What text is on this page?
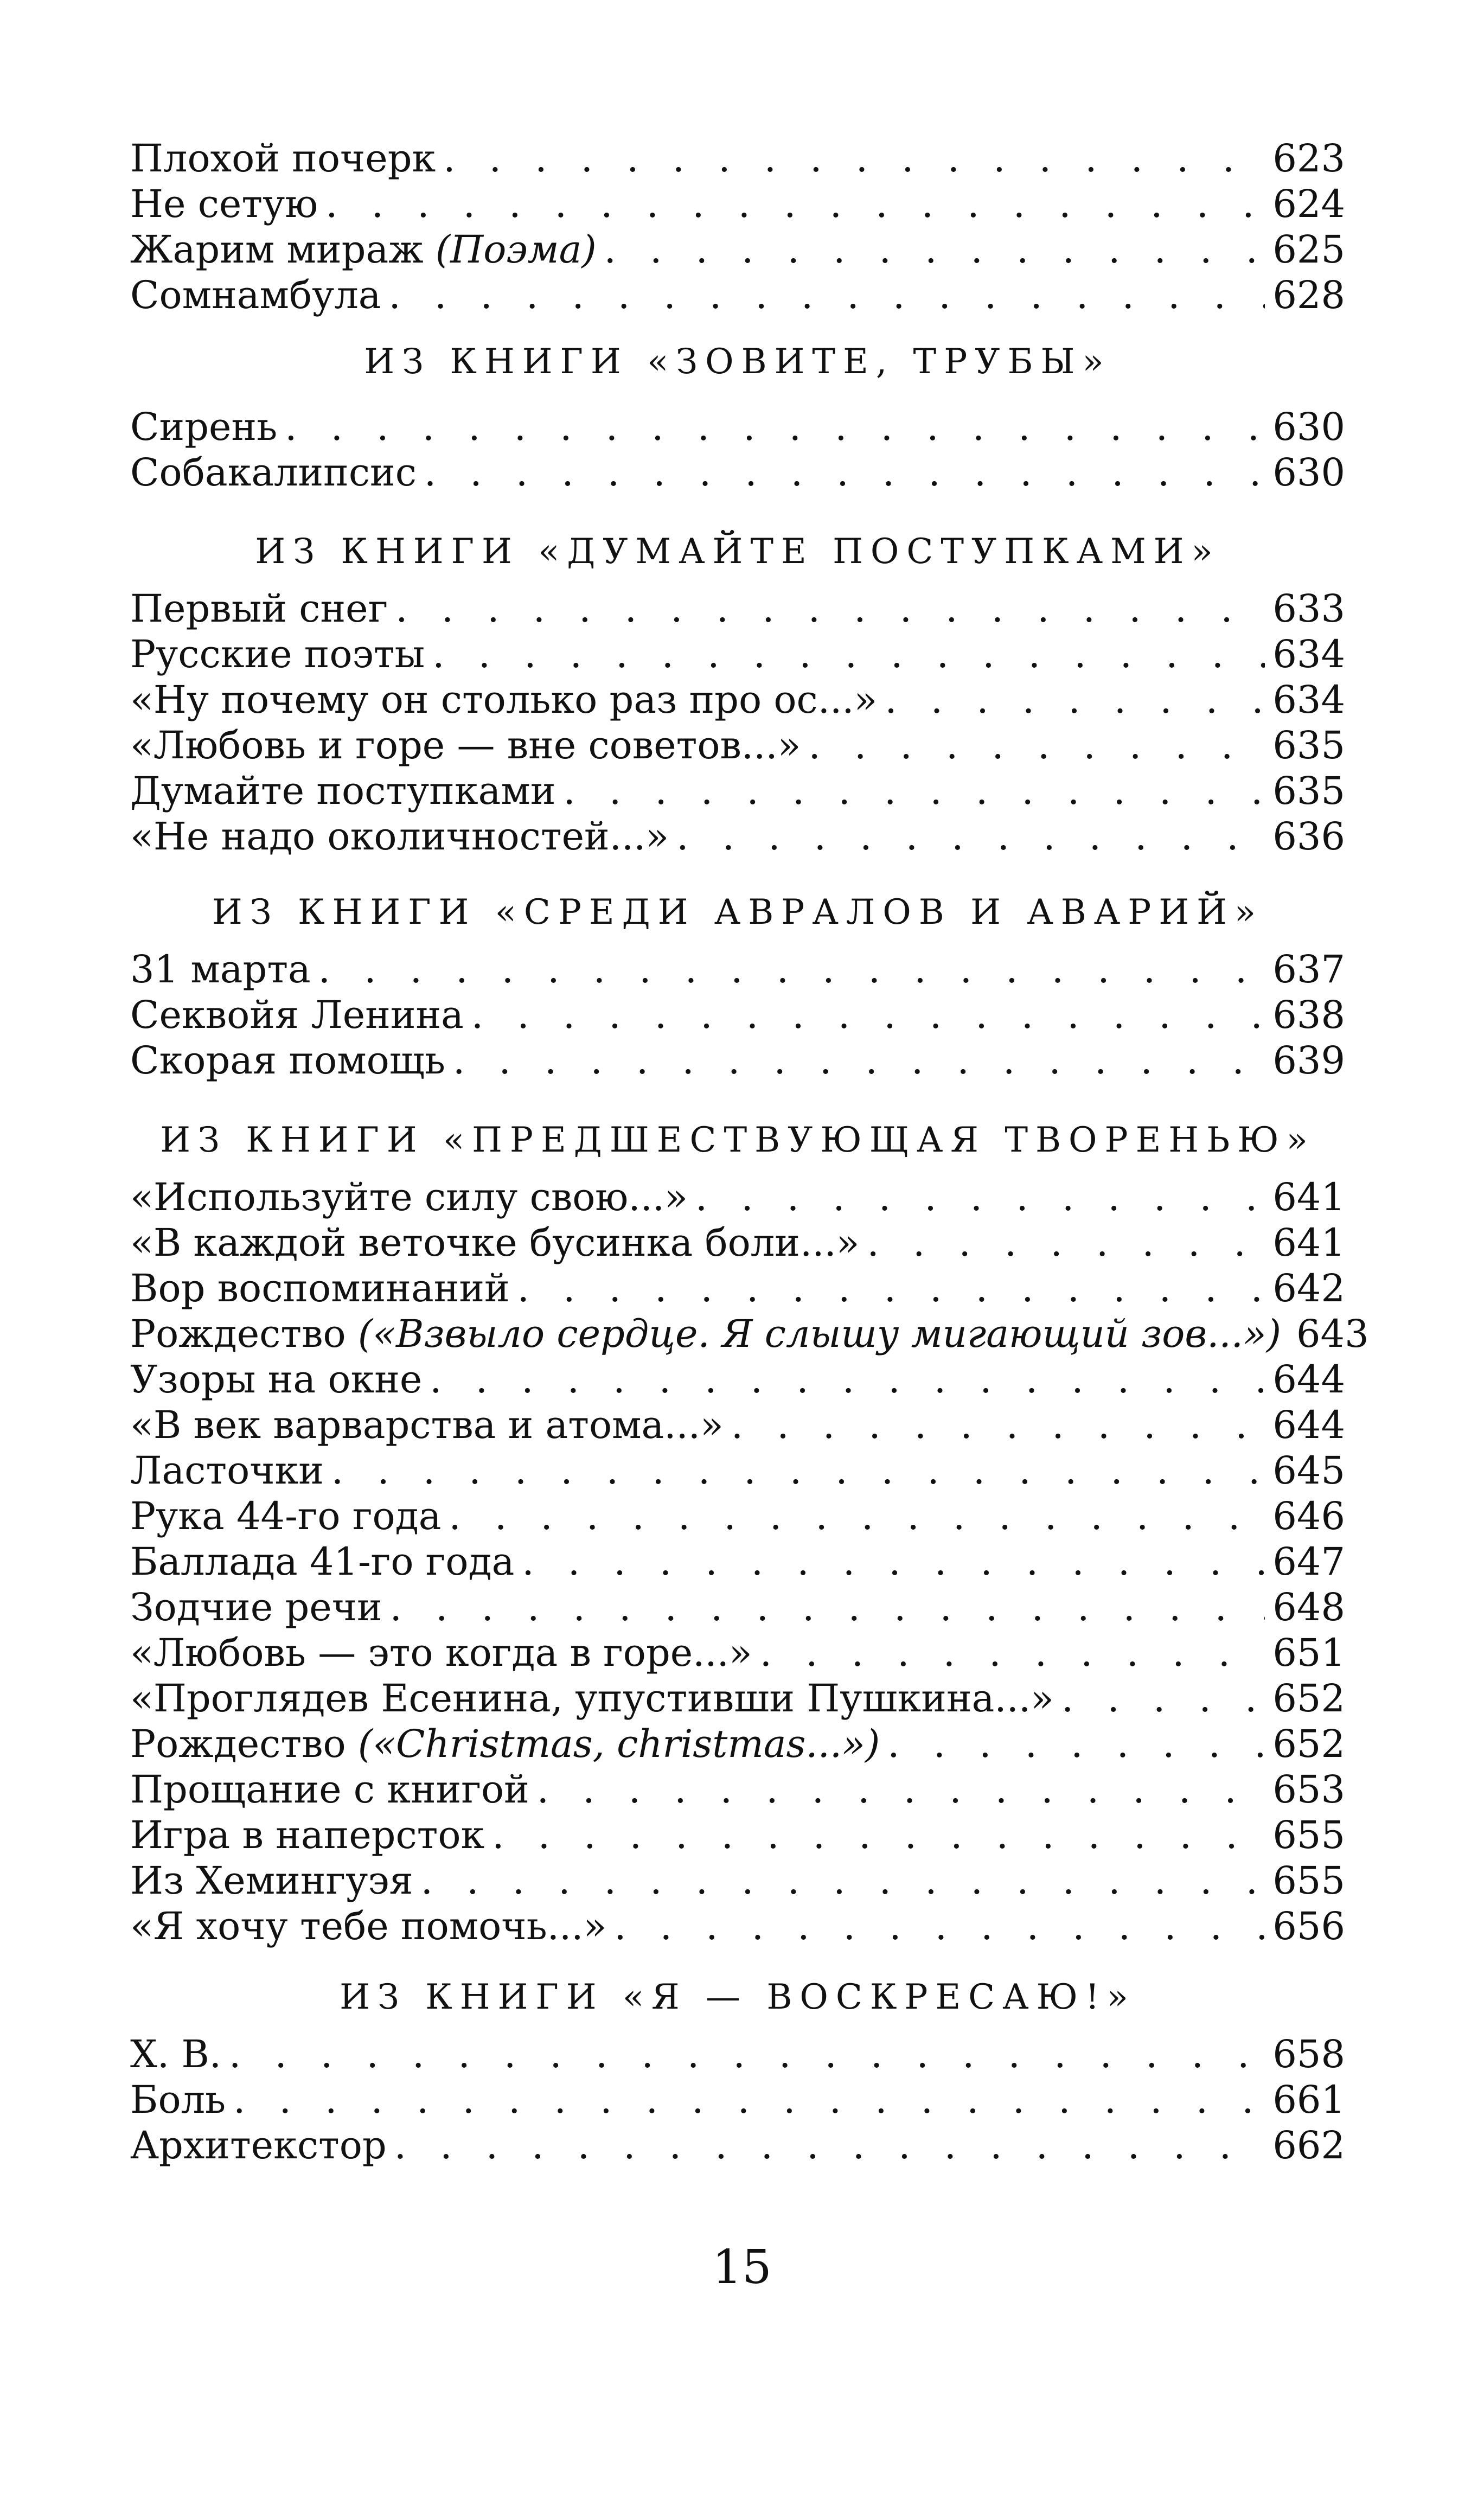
Плохой почерк . . .	623
Не сетую . . .	624
Жарим мираж (Поэма) . . .	625
Сомнамбула . . .	628
ИЗ КНИГИ «ЗОВИТЕ, ТРУБЫ»
Сирень . . .	630
Собакалипсис . . .	630
ИЗ КНИГИ «ДУМАЙТЕ ПОСТУПКАМИ»
Первый снег . . .	633
Русские поэты . . .	634
«Ну почему он столько раз про ос...» . . .	634
«Любовь и горе — вне советов...» . . .	635
Думайте поступками . . .	635
«Не надо околичностей...» . . .	636
ИЗ КНИГИ «СРЕДИ АВРАЛОВ И АВАРИЙ»
31 марта . . .	637
Секвойя Ленина . . .	638
Скорая помощь . . .	639
ИЗ КНИГИ «ПРЕДШЕСТВУЮЩАЯ ТВОРЕНЬЮ»
«Используйте силу свою...» . . .	641
«В каждой веточке бусинка боли...» . . .	641
Вор воспоминаний . . .	642
Рождество («Взвыло сердце. Я слышу мигающий зов...») 643
Узоры на окне . . .	644
«В век варварства и атома...» . . .	644
Ласточки . . .	645
Рука 44-го года . . .	646
Баллада 41-го года . . .	647
Зодчие речи . . .	648
«Любовь — это когда в горе...» . . .	651
«Проглядев Есенина, упустивши Пушкина...» . . .	652
Рождество («Christmas, christmas...») . . .	652
Прощание с книгой . . .	653
Игра в наперсток . . .	655
Из Хемингуэя . . .	655
«Я хочу тебе помочь...» . . .	656
ИЗ КНИГИ «Я — ВОСКРЕСАЮ!»
Х. В. . . .	658
Боль . . .	661
Архитекстор . . .	662
15
